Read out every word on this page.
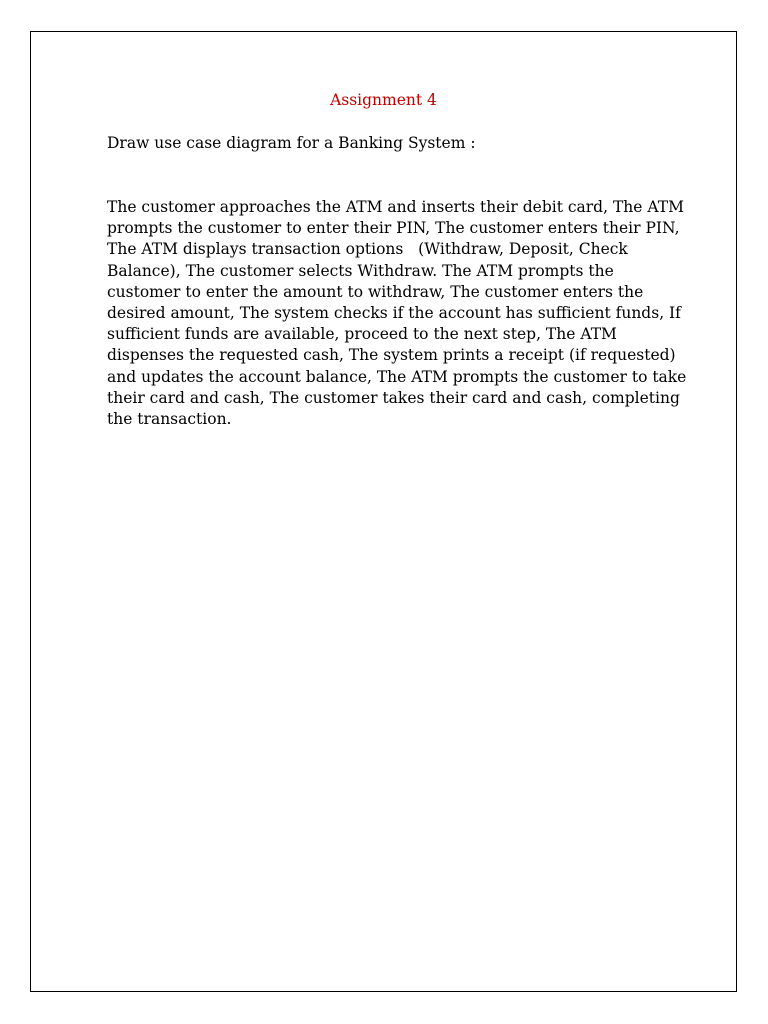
Assignment 4

Draw use case diagram for a Banking System :

The customer approaches the ATM and inserts their debit card, The ATM
prompts the customer to enter their PIN, The customer enters their PIN,
The ATM displays transaction options   (Withdraw, Deposit, Check
Balance), The customer selects Withdraw. The ATM prompts the
customer to enter the amount to withdraw, The customer enters the
desired amount, The system checks if the account has sufficient funds, If
sufficient funds are available, proceed to the next step, The ATM
dispenses the requested cash, The system prints a receipt (if requested)
and updates the account balance, The ATM prompts the customer to take
their card and cash, The customer takes their card and cash, completing
the transaction.
